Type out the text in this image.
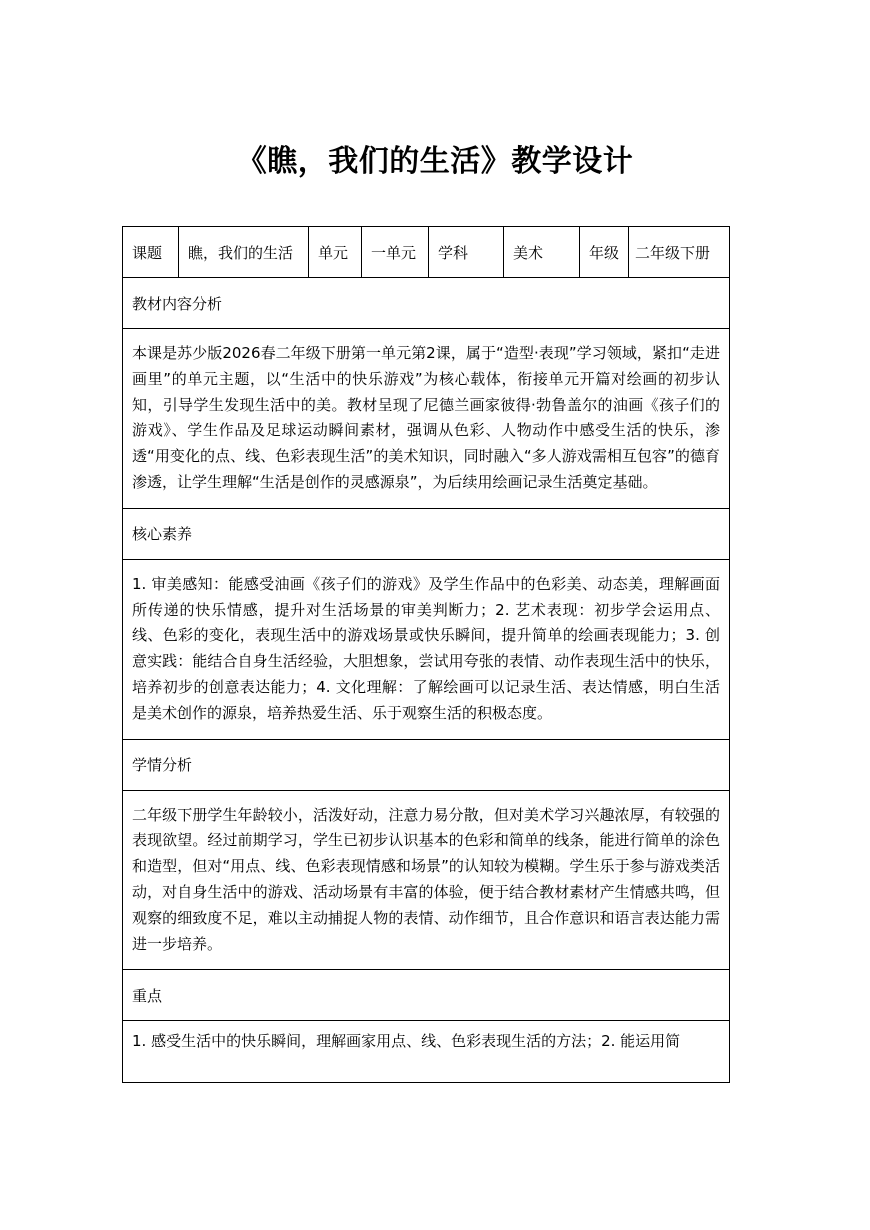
《瞧，我们的生活》教学设计
课题	瞧，我们的生活	单元	一单元	学科	美术	年级	二年级下册
教材内容分析
本课是苏少版2026春二年级下册第一单元第2课，属于“造型·表现”学习领域，紧扣“走进画里”的单元主题，以“生活中的快乐游戏”为核心载体，衔接单元开篇对绘画的初步认知，引导学生发现生活中的美。教材呈现了尼德兰画家彼得·勃鲁盖尔的油画《孩子们的游戏》、学生作品及足球运动瞬间素材，强调从色彩、人物动作中感受生活的快乐，渗透“用变化的点、线、色彩表现生活”的美术知识，同时融入“多人游戏需相互包容”的德育渗透，让学生理解“生活是创作的灵感源泉”，为后续用绘画记录生活奠定基础。
核心素养
1. 审美感知：能感受油画《孩子们的游戏》及学生作品中的色彩美、动态美，理解画面所传递的快乐情感，提升对生活场景的审美判断力；2. 艺术表现：初步学会运用点、线、色彩的变化，表现生活中的游戏场景或快乐瞬间，提升简单的绘画表现能力；3. 创意实践：能结合自身生活经验，大胆想象，尝试用夸张的表情、动作表现生活中的快乐，培养初步的创意表达能力；4. 文化理解：了解绘画可以记录生活、表达情感，明白生活是美术创作的源泉，培养热爱生活、乐于观察生活的积极态度。
学情分析
二年级下册学生年龄较小，活泼好动，注意力易分散，但对美术学习兴趣浓厚，有较强的表现欲望。经过前期学习，学生已初步认识基本的色彩和简单的线条，能进行简单的涂色和造型，但对“用点、线、色彩表现情感和场景”的认知较为模糊。学生乐于参与游戏类活动，对自身生活中的游戏、活动场景有丰富的体验，便于结合教材素材产生情感共鸣，但观察的细致度不足，难以主动捕捉人物的表情、动作细节，且合作意识和语言表达能力需进一步培养。
重点
1. 感受生活中的快乐瞬间，理解画家用点、线、色彩表现生活的方法；2. 能运用简
